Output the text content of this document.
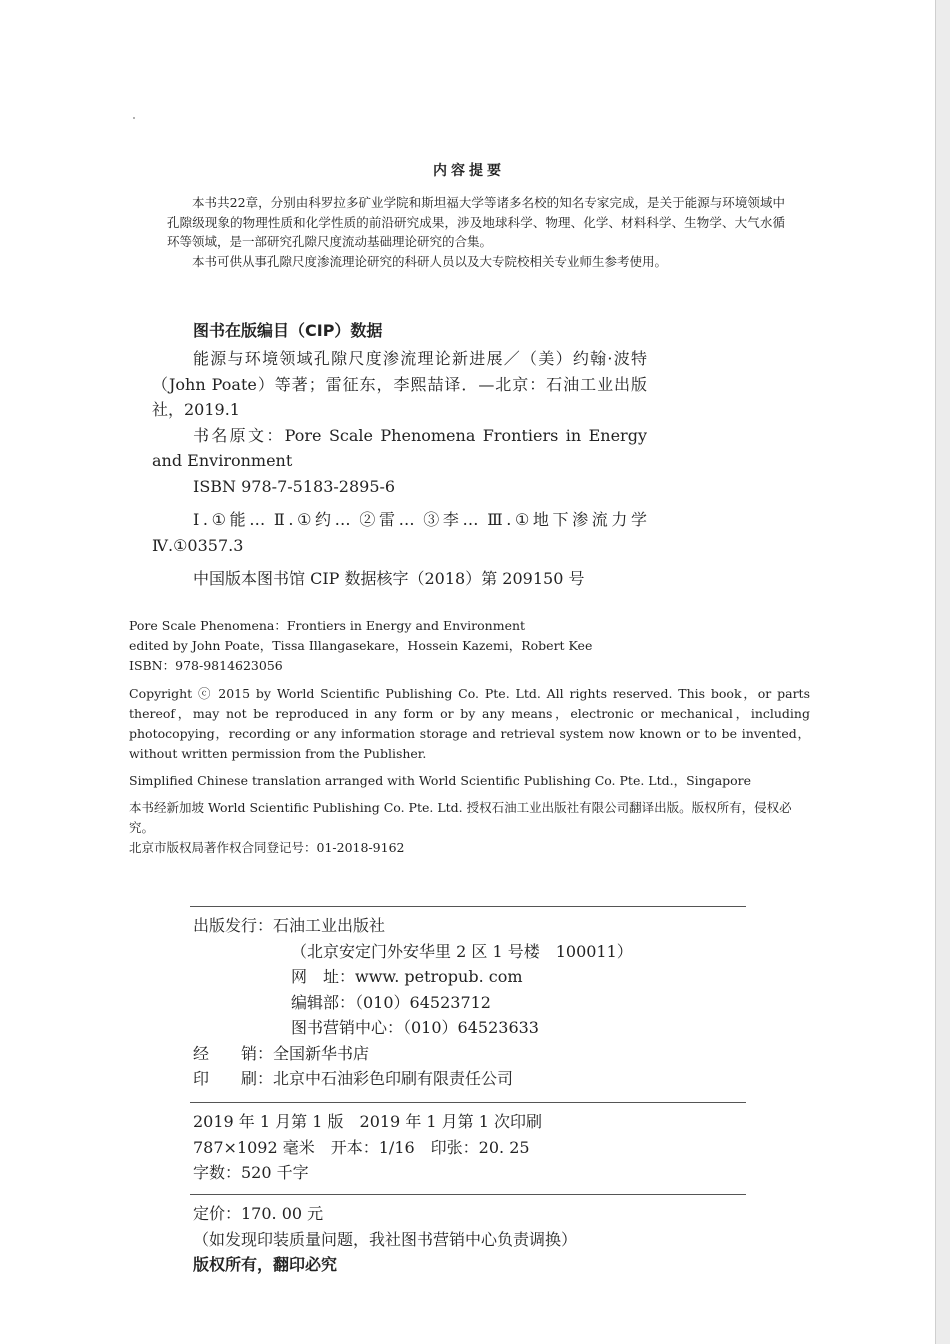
内容提要

本书共22章，分别由科罗拉多矿业学院和斯坦福大学等诸多名校的知名专家完成，是关于能源与环境领域中孔隙级现象的物理性质和化学性质的前沿研究成果，涉及地球科学、物理、化学、材料科学、生物学、大气水循环等领域，是一部研究孔隙尺度流动基础理论研究的合集。

本书可供从事孔隙尺度渗流理论研究的科研人员以及大专院校相关专业师生参考使用。

图书在版编目（CIP）数据

能源与环境领域孔隙尺度渗流理论新进展／（美）约翰·波特（John Poate）等著；雷征东，李熙喆译．—北京：石油工业出版社，2019.1

书名原文：Pore Scale Phenomena Frontiers in Energy and Environment

ISBN 978-7-5183-2895-6

Ⅰ.①能… Ⅱ.①约… ②雷… ③李… Ⅲ.①地下渗流力学 Ⅳ.①0357.3

中国版本图书馆 CIP 数据核字（2018）第 209150 号

Pore Scale Phenomena：Frontiers in Energy and Environment

edited by John Poate，Tissa Illangasekare，Hossein Kazemi，Robert Kee

ISBN：978-9814623056

Copyright ⓒ 2015 by World Scientific Publishing Co. Pte. Ltd. All rights reserved. This book，or parts thereof，may not be reproduced in any form or by any means，electronic or mechanical，including photocopying，recording or any information storage and retrieval system now known or to be invented，without written permission from the Publisher.

Simplified Chinese translation arranged with World Scientific Publishing Co. Pte. Ltd.，Singapore

本书经新加坡 World Scientific Publishing Co. Pte. Ltd. 授权石油工业出版社有限公司翻译出版。版权所有，侵权必究。

北京市版权局著作权合同登记号：01-2018-9162

出版发行：石油工业出版社

（北京安定门外安华里 2 区 1 号楼　100011）

网　址：www. petropub. com

编辑部：（010）64523712

图书营销中心：（010）64523633

经　　销：全国新华书店

印　　刷：北京中石油彩色印刷有限责任公司

2019 年 1 月第 1 版　2019 年 1 月第 1 次印刷

787×1092 毫米　开本：1/16　印张：20. 25

字数：520 千字

定价：170. 00 元

（如发现印装质量问题，我社图书营销中心负责调换）

版权所有，翻印必究
